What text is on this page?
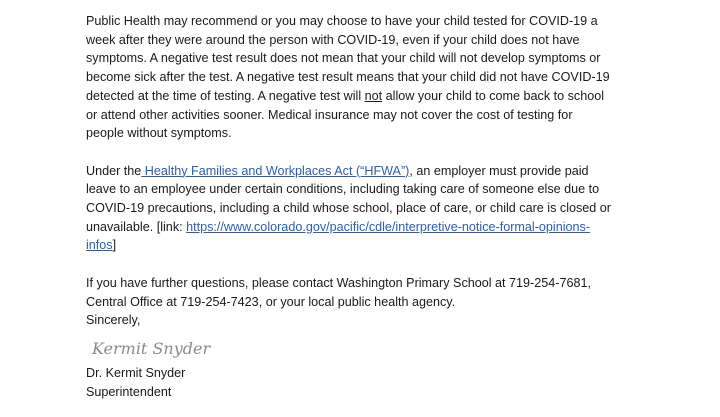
Public Health may recommend or you may choose to have your child tested for COVID-19 a
week after they were around the person with COVID-19, even if your child does not have
symptoms. A negative test result does not mean that your child will not develop symptoms or
become sick after the test. A negative test result means that your child did not have COVID-19
detected at the time of testing. A negative test will not allow your child to come back to school
or attend other activities sooner. Medical insurance may not cover the cost of testing for
people without symptoms.

Under the Healthy Families and Workplaces Act (“HFWA”), an employer must provide paid
leave to an employee under certain conditions, including taking care of someone else due to
COVID-19 precautions, including a child whose school, place of care, or child care is closed or
unavailable. [link: https://www.colorado.gov/pacific/cdle/interpretive-notice-formal-opinions-
infos]

If you have further questions, please contact Washington Primary School at 719-254-7681,
Central Office at 719-254-7423, or your local public health agency.

Sincerely,
Kermit Snyder
Dr. Kermit Snyder
Superintendent
